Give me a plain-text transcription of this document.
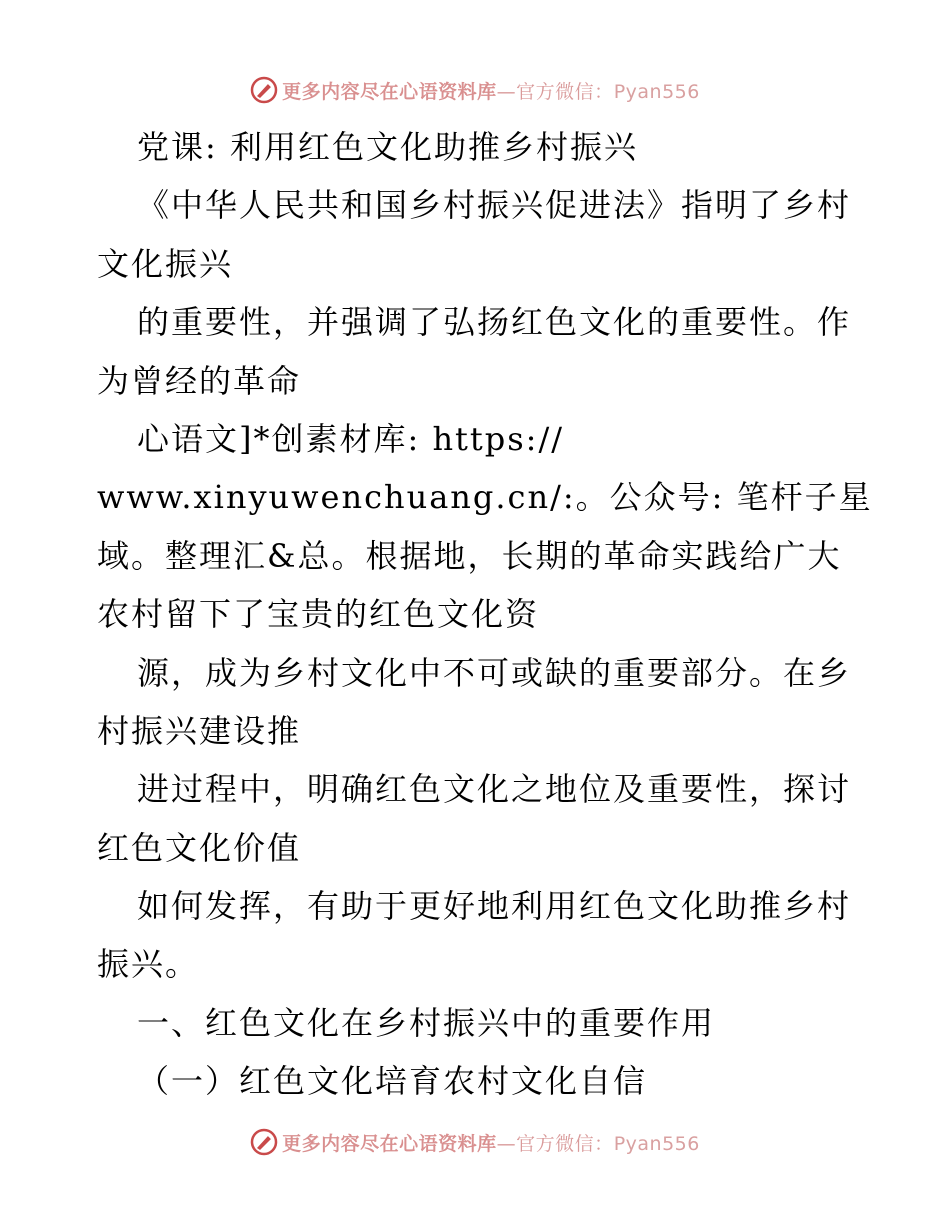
更多内容尽在心语资料库—官方微信：Pyan556
党课: 利用红色文化助推乡村振兴
《中华人民共和国乡村振兴促进法》指明了乡村
文化振兴
的重要性，并强调了弘扬红色文化的重要性。作
为曾经的革命
心语文]*创素材库: https://
www.xinyuwenchuang.cn/:。公众号: 笔杆子星
域。整理汇&总。根据地，长期的革命实践给广大
农村留下了宝贵的红色文化资
源，成为乡村文化中不可或缺的重要部分。在乡
村振兴建设推
进过程中，明确红色文化之地位及重要性，探讨
红色文化价值
如何发挥，有助于更好地利用红色文化助推乡村
振兴。
一、红色文化在乡村振兴中的重要作用
（一）红色文化培育农村文化自信
更多内容尽在心语资料库—官方微信：Pyan556
